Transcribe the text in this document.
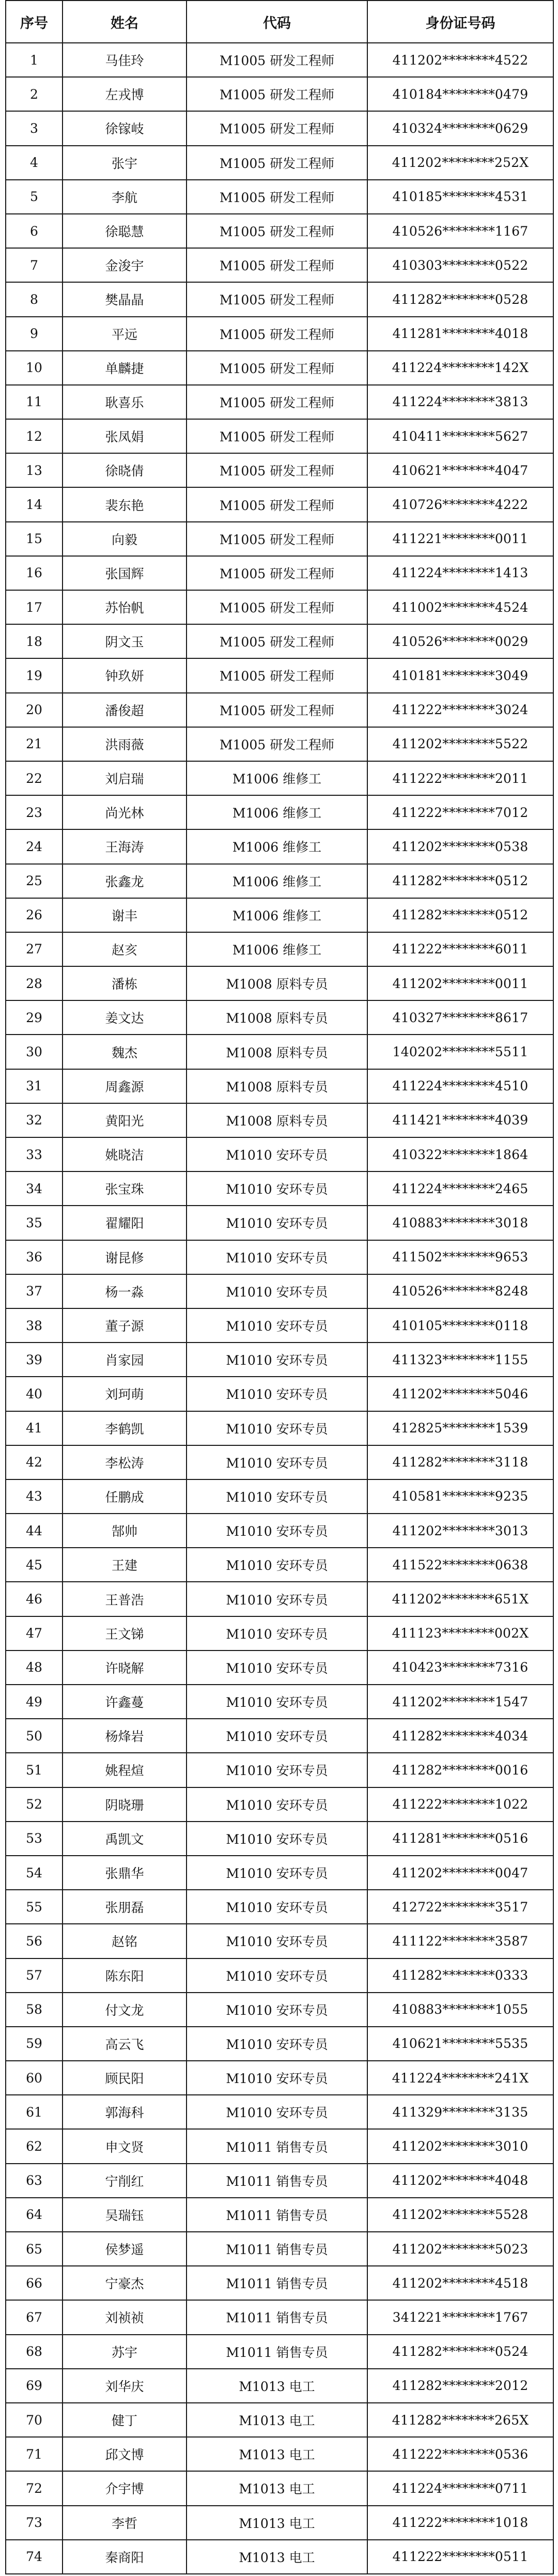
序号	姓名	代码	身份证号码
1	马佳玲	M1005 研发工程师	411202********4522
2	左戎博	M1005 研发工程师	410184********0479
3	徐镓岐	M1005 研发工程师	410324********0629
4	张宇	M1005 研发工程师	411202********252X
5	李航	M1005 研发工程师	410185********4531
6	徐聪慧	M1005 研发工程师	410526********1167
7	金浚宇	M1005 研发工程师	410303********0522
8	樊晶晶	M1005 研发工程师	411282********0528
9	平远	M1005 研发工程师	411281********4018
10	单麟捷	M1005 研发工程师	411224********142X
11	耿喜乐	M1005 研发工程师	411224********3813
12	张凤娟	M1005 研发工程师	410411********5627
13	徐晓倩	M1005 研发工程师	410621********4047
14	裴东艳	M1005 研发工程师	410726********4222
15	向毅	M1005 研发工程师	411221********0011
16	张国辉	M1005 研发工程师	411224********1413
17	苏怡帆	M1005 研发工程师	411002********4524
18	阴文玉	M1005 研发工程师	410526********0029
19	钟玖妍	M1005 研发工程师	410181********3049
20	潘俊超	M1005 研发工程师	411222********3024
21	洪雨薇	M1005 研发工程师	411202********5522
22	刘启瑞	M1006 维修工	411222********2011
23	尚光林	M1006 维修工	411222********7012
24	王海涛	M1006 维修工	411202********0538
25	张鑫龙	M1006 维修工	411282********0512
26	谢丰	M1006 维修工	411282********0512
27	赵亥	M1006 维修工	411222********6011
28	潘栋	M1008 原料专员	411202********0011
29	姜文达	M1008 原料专员	410327********8617
30	魏杰	M1008 原料专员	140202********5511
31	周鑫源	M1008 原料专员	411224********4510
32	黄阳光	M1008 原料专员	411421********4039
33	姚晓洁	M1010 安环专员	410322********1864
34	张宝珠	M1010 安环专员	411224********2465
35	翟耀阳	M1010 安环专员	410883********3018
36	谢昆修	M1010 安环专员	411502********9653
37	杨一淼	M1010 安环专员	410526********8248
38	董子源	M1010 安环专员	410105********0118
39	肖家园	M1010 安环专员	411323********1155
40	刘珂萌	M1010 安环专员	411202********5046
41	李鹤凯	M1010 安环专员	412825********1539
42	李松涛	M1010 安环专员	411282********3118
43	任鹏成	M1010 安环专员	410581********9235
44	郜帅	M1010 安环专员	411202********3013
45	王建	M1010 安环专员	411522********0638
46	王普浩	M1010 安环专员	411202********651X
47	王文锑	M1010 安环专员	411123********002X
48	许晓解	M1010 安环专员	410423********7316
49	许鑫蔓	M1010 安环专员	411202********1547
50	杨烽岩	M1010 安环专员	411282********4034
51	姚程煊	M1010 安环专员	411282********0016
52	阴晓珊	M1010 安环专员	411222********1022
53	禹凯文	M1010 安环专员	411281********0516
54	张鼎华	M1010 安环专员	411202********0047
55	张朋磊	M1010 安环专员	412722********3517
56	赵铭	M1010 安环专员	411122********3587
57	陈东阳	M1010 安环专员	411282********0333
58	付文龙	M1010 安环专员	410883********1055
59	高云飞	M1010 安环专员	410621********5535
60	顾民阳	M1010 安环专员	411224********241X
61	郭海科	M1010 安环专员	411329********3135
62	申文贤	M1011 销售专员	411202********3010
63	宁削红	M1011 销售专员	411202********4048
64	吴瑞钰	M1011 销售专员	411202********5528
65	侯梦遥	M1011 销售专员	411202********5023
66	宁豪杰	M1011 销售专员	411202********4518
67	刘祯祯	M1011 销售专员	341221********1767
68	苏宇	M1011 销售专员	411282********0524
69	刘华庆	M1013 电工	411282********2012
70	健丁	M1013 电工	411282********265X
71	邱文博	M1013 电工	411222********0536
72	介宇博	M1013 电工	411224********0711
73	李哲	M1013 电工	411222********1018
74	秦商阳	M1013 电工	411222********0511
